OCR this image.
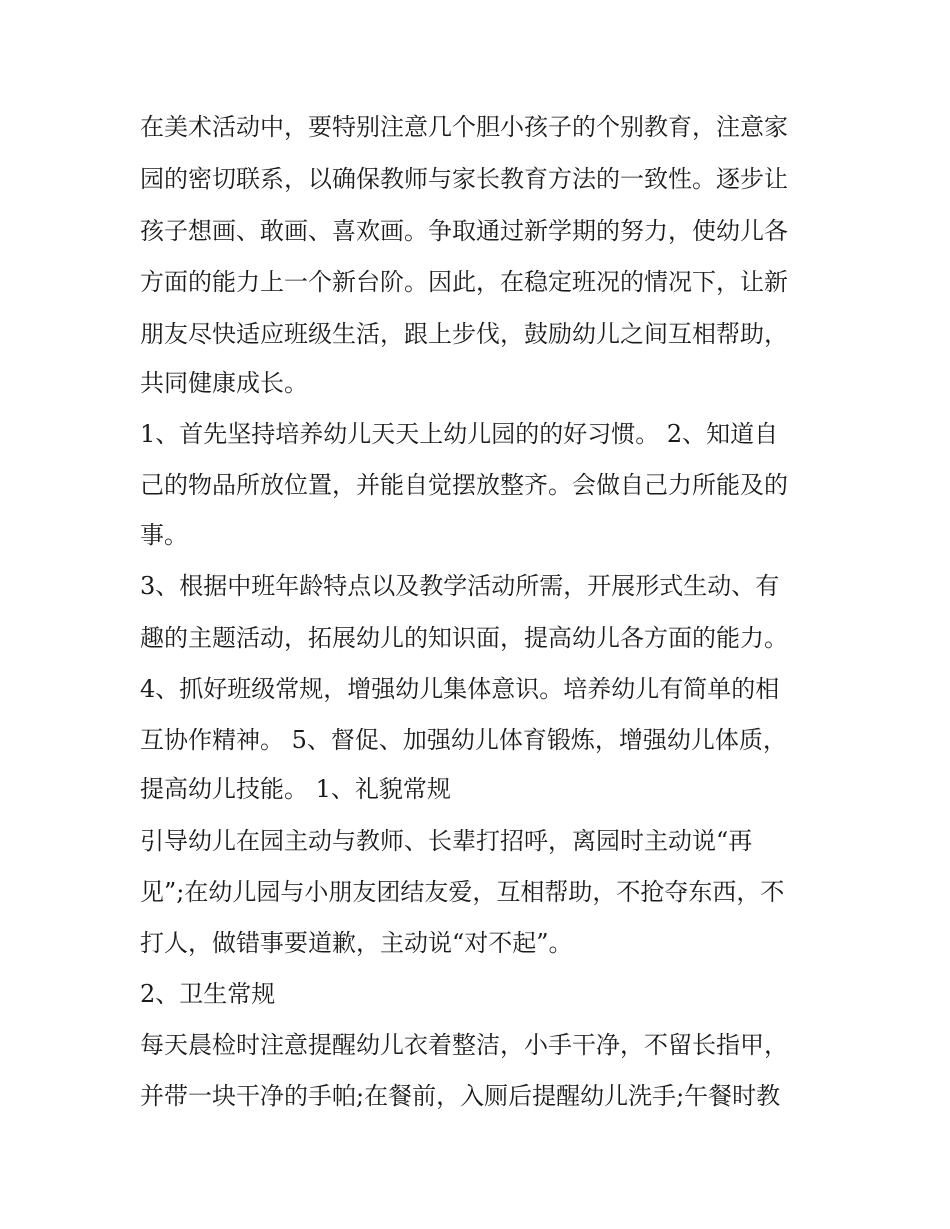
在美术活动中，要特别注意几个胆小孩子的个别教育，注意家

园的密切联系，以确保教师与家长教育方法的一致性。逐步让

孩子想画、敢画、喜欢画。争取通过新学期的努力，使幼儿各

方面的能力上一个新台阶。因此，在稳定班况的情况下，让新

朋友尽快适应班级生活，跟上步伐，鼓励幼儿之间互相帮助，

共同健康成长。

1、首先坚持培养幼儿天天上幼儿园的的好习惯。 2、知道自

己的物品所放位置，并能自觉摆放整齐。会做自己力所能及的

事。

3、根据中班年龄特点以及教学活动所需，开展形式生动、有

趣的主题活动，拓展幼儿的知识面，提高幼儿各方面的能力。

4、抓好班级常规，增强幼儿集体意识。培养幼儿有简单的相

互协作精神。 5、督促、加强幼儿体育锻炼，增强幼儿体质，

提高幼儿技能。 1、礼貌常规

引导幼儿在园主动与教师、长辈打招呼，离园时主动说“再

见”;在幼儿园与小朋友团结友爱，互相帮助，不抢夺东西，不

打人，做错事要道歉，主动说“对不起”。

2、卫生常规

每天晨检时注意提醒幼儿衣着整洁，小手干净，不留长指甲，

并带一块干净的手帕;在餐前，入厕后提醒幼儿洗手;午餐时教
